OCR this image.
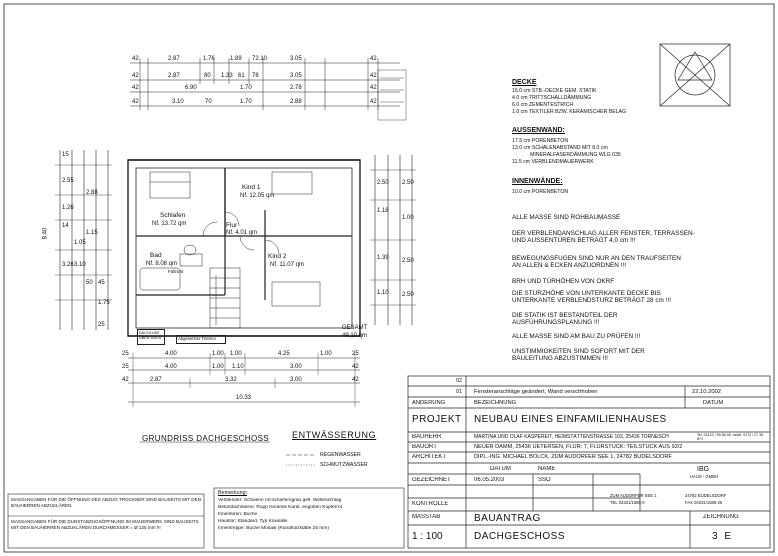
42	2.87	1.76	1.89 72.10	3.05	42
42	2.87	80 1.33 61 78	3.05	42
42	6.90	1.70	2.78	42
42	3.10	70	1.70	2.88	42
8.40
15
2.55
1.26
14
3.26
1.05
3.10
2.88
1.15
50 45
1.75
25
2.50
1.18
1.39
1.10
2.50
1.00
2.50
2.50
Schlafen
Nf. 13.72 qm
Kind 1
Nf. 12.05 qm
Flur
Nf. 4.01 qm
Bad
Nf. 8.08 qm
Kind 2
Nf. 11.07 qm
Fallrohr
GESAMT
49,10 qm
DACHLUKE ÜBER DACH	Abgesetzter Thermo
25	4.00	1.00 1.00	4.25	1.00	25
25	4.00	1.00 1.10	3.00	42
42	2.87	3.32	3.00	42
10.33
GRUNDRISS DACHGESCHOSS	ENTWÄSSERUNG
REGENWASSER
SCHMUTZWASSER
DECKE
16.0 cm STB.-DECKE GEM. STATIK
4.0 cm TRITTSCHALLDÄMMUNG
6.0 cm ZEMENTESTRICH
1.0 cm TEXTILER BZW. KERAMISCHER BELAG
AUSSENWAND:
17.5 cm PORENBETON
13.0 cm SCHALENABSTAND MIT 8.0 cm
MINERALFASERDÄMMUNG WLG 035
11.5 cm VERBLENDMAUERWERK
INNENWÄNDE:
10.0 cm PORENBETON
ALLE MASSE SIND ROHBAUMASSE
DER VERBLENDANSCHLAG ALLER FENSTER, TERRASSEN- UND AUSSENTÜREN BETRÄGT 4,0 cm !!!
BEWEGUNGSFUGEN SIND NUR AN DEN TRAUFSEITEN AN ALLEN & ECKEN ANZUORDNEN !!!
BRH UND TÜRHÖHEN VON OKRF
DIE STURZHÖHE VON UNTERKANTE DECKE BIS UNTERKANTE VERBLENDSTURZ BETRÄGT 28 cm !!!
DIE STATIK IST BESTANDTEIL DER AUSFÜHRUNGSPLANUNG !!!
ALLE MASSE SIND AM BAU ZU PRÜFEN !!!
UNSTIMMIGKEITEN SIND SOFORT MIT DER BAULEITUNG ABZUSTIMMEN !!!
MASSANGABEN FÜR DIE ÖFFNUNG DES ABZUG TROCKNER SIND BAUSEITS MIT DEN BAUHERREN ABZUKLÄREN
MASSANGABEN FÜR DIE DUNSTABZUGSÖFFNUNG IM MAUERWERK SIND BAUSEITS MIT DEN BAUHERREN ABZUKLÄREN DURCHMESSER = Ø 125 mm !!!
Bemerkung:
Verblender: Schwerin rot-schieferograu gefl. Wellenschlag
Betondachsteine: Rupp Keramik Karat, engoben Kupferrot
Innentüren: Buche
Haustür: Standard, Typ Kowalski
Innentreppe: Buche Mosaik (Rundholzstäbe 25 mm)
02
01 Fensteranschläge geändert, Wand verschhoben	22.10.2002
ÄNDERUNG	BEZEICHNUNG	DATUM
PROJEKT NEUBAU EINES EINFAMILIENHAUSES
BAUHERR	MARTINA UND OLAF KASPEREIT, HEIMSTÄTTENSTRASSE 103, 25436 TORNESCH	Tel. 04122 / 99 58 46, mobil: 0172 / 27 35 871
BAUORT	NEUER DAMM, 25436 UETERSEN, FLUR: 7, FLURSTÜCK: TEILSTÜCK AUS 92/2
ARCHITEKT	DIPL.-ING. MICHAEL BÖLCK, ZUM AUDORFER SEE 1, 24782 BÜDELSDORF
DATUM	NAME
GEZEICHNET	06.05.2003	SSO
KONTROLLE
MASSTAB
1 : 100
BAUANTRAG
DACHGESCHOSS
ZEICHNUNG
3 E
IBG
HAUS - GMBH
ZUM AUDORFER SEE 1	24782 BÜDELSDORF
TEL 04331/1586-0	FAX 04331/1586-25
